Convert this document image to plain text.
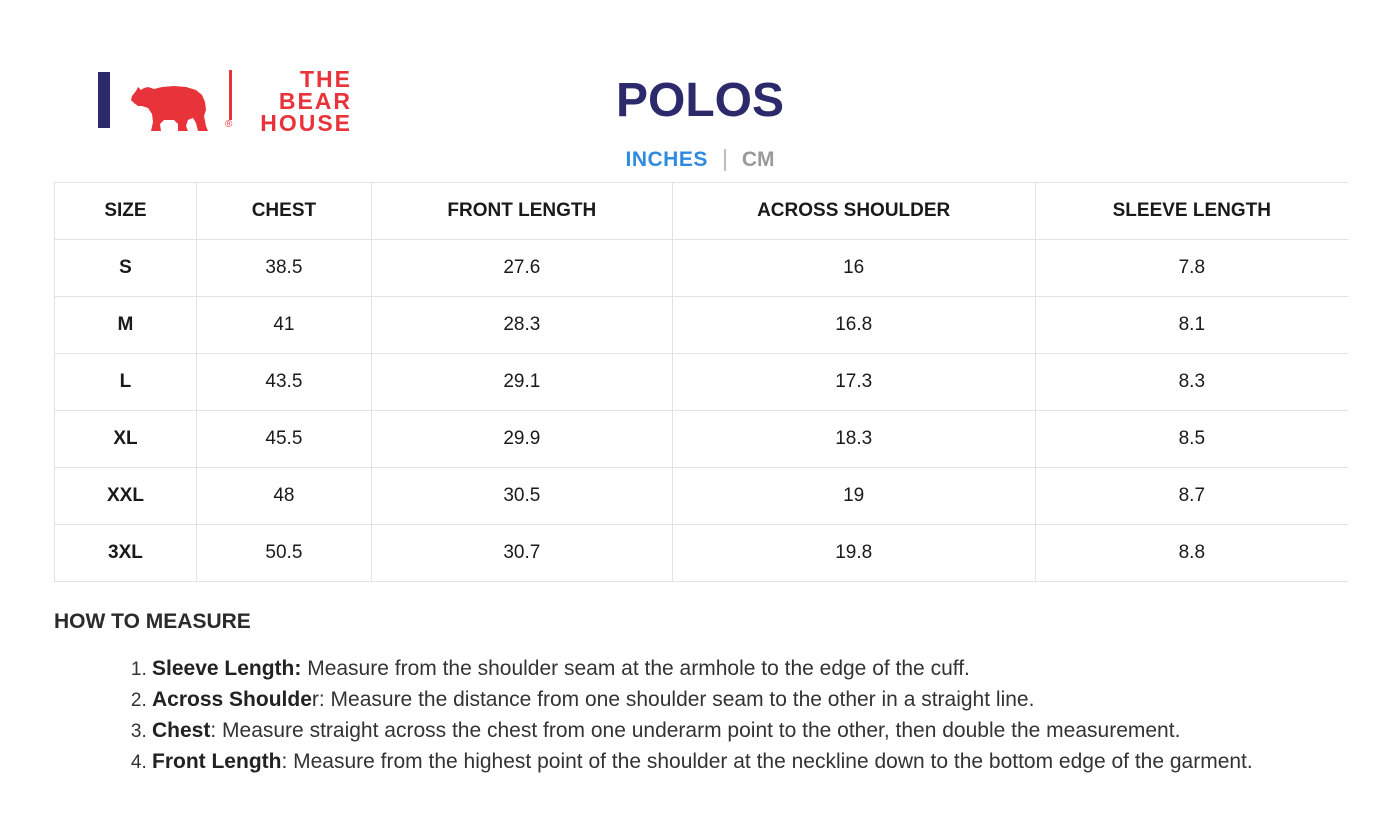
®
THE
BEAR
HOUSE	POLOS
INCHES CM
SIZE	CHEST	FRONT LENGTH	ACROSS SHOULDER	SLEEVE LENGTH
S	38.5	27.6	16	7.8
M	41	28.3	16.8	8.1
L	43.5	29.1	17.3	8.3
XL	45.5	29.9	18.3	8.5
XXL	48	30.5	19	8.7
3XL	50.5	30.7	19.8	8.8
HOW TO MEASURE
1. Sleeve Length: Measure from the shoulder seam at the armhole to the edge of the cuff.
2. Across Shoulder: Measure the distance from one shoulder seam to the other in a straight line.
3. Chest: Measure straight across the chest from one underarm point to the other, then double the measurement.
4. Front Length: Measure from the highest point of the shoulder at the neckline down to the bottom edge of the garment.
